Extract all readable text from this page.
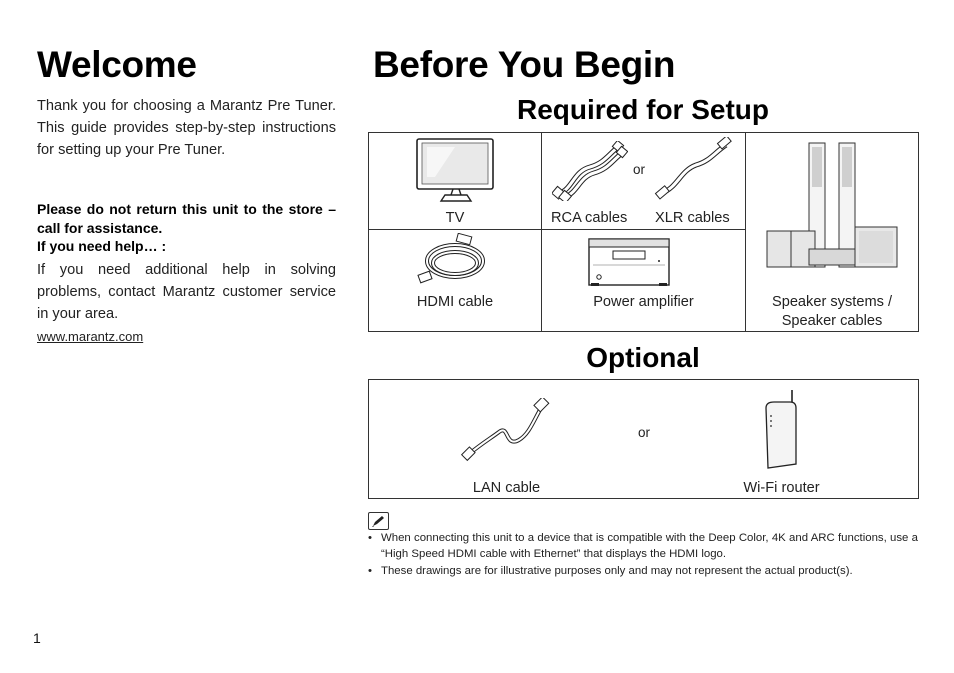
Welcome

Thank you for choosing a Marantz Pre Tuner. This guide provides step-by-step instructions for setting up your Pre Tuner.

Please do not return this unit to the store – call for assistance.

If you need help… :

If you need additional help in solving problems, contact Marantz customer service in your area.

www.marantz.com
Before You Begin
Required for Setup
TV
or
RCA cables XLR cables
HDMI cable	Power amplifier	Speaker systems /
Speaker cables
Optional
LAN cable
or
Wi-Fi router
• When connecting this unit to a device that is compatible with the Deep Color, 4K and ARC functions, use a “High Speed HDMI cable with Ethernet” that displays the HDMI logo.
• These drawings are for illustrative purposes only and may not represent the actual product(s).
1
